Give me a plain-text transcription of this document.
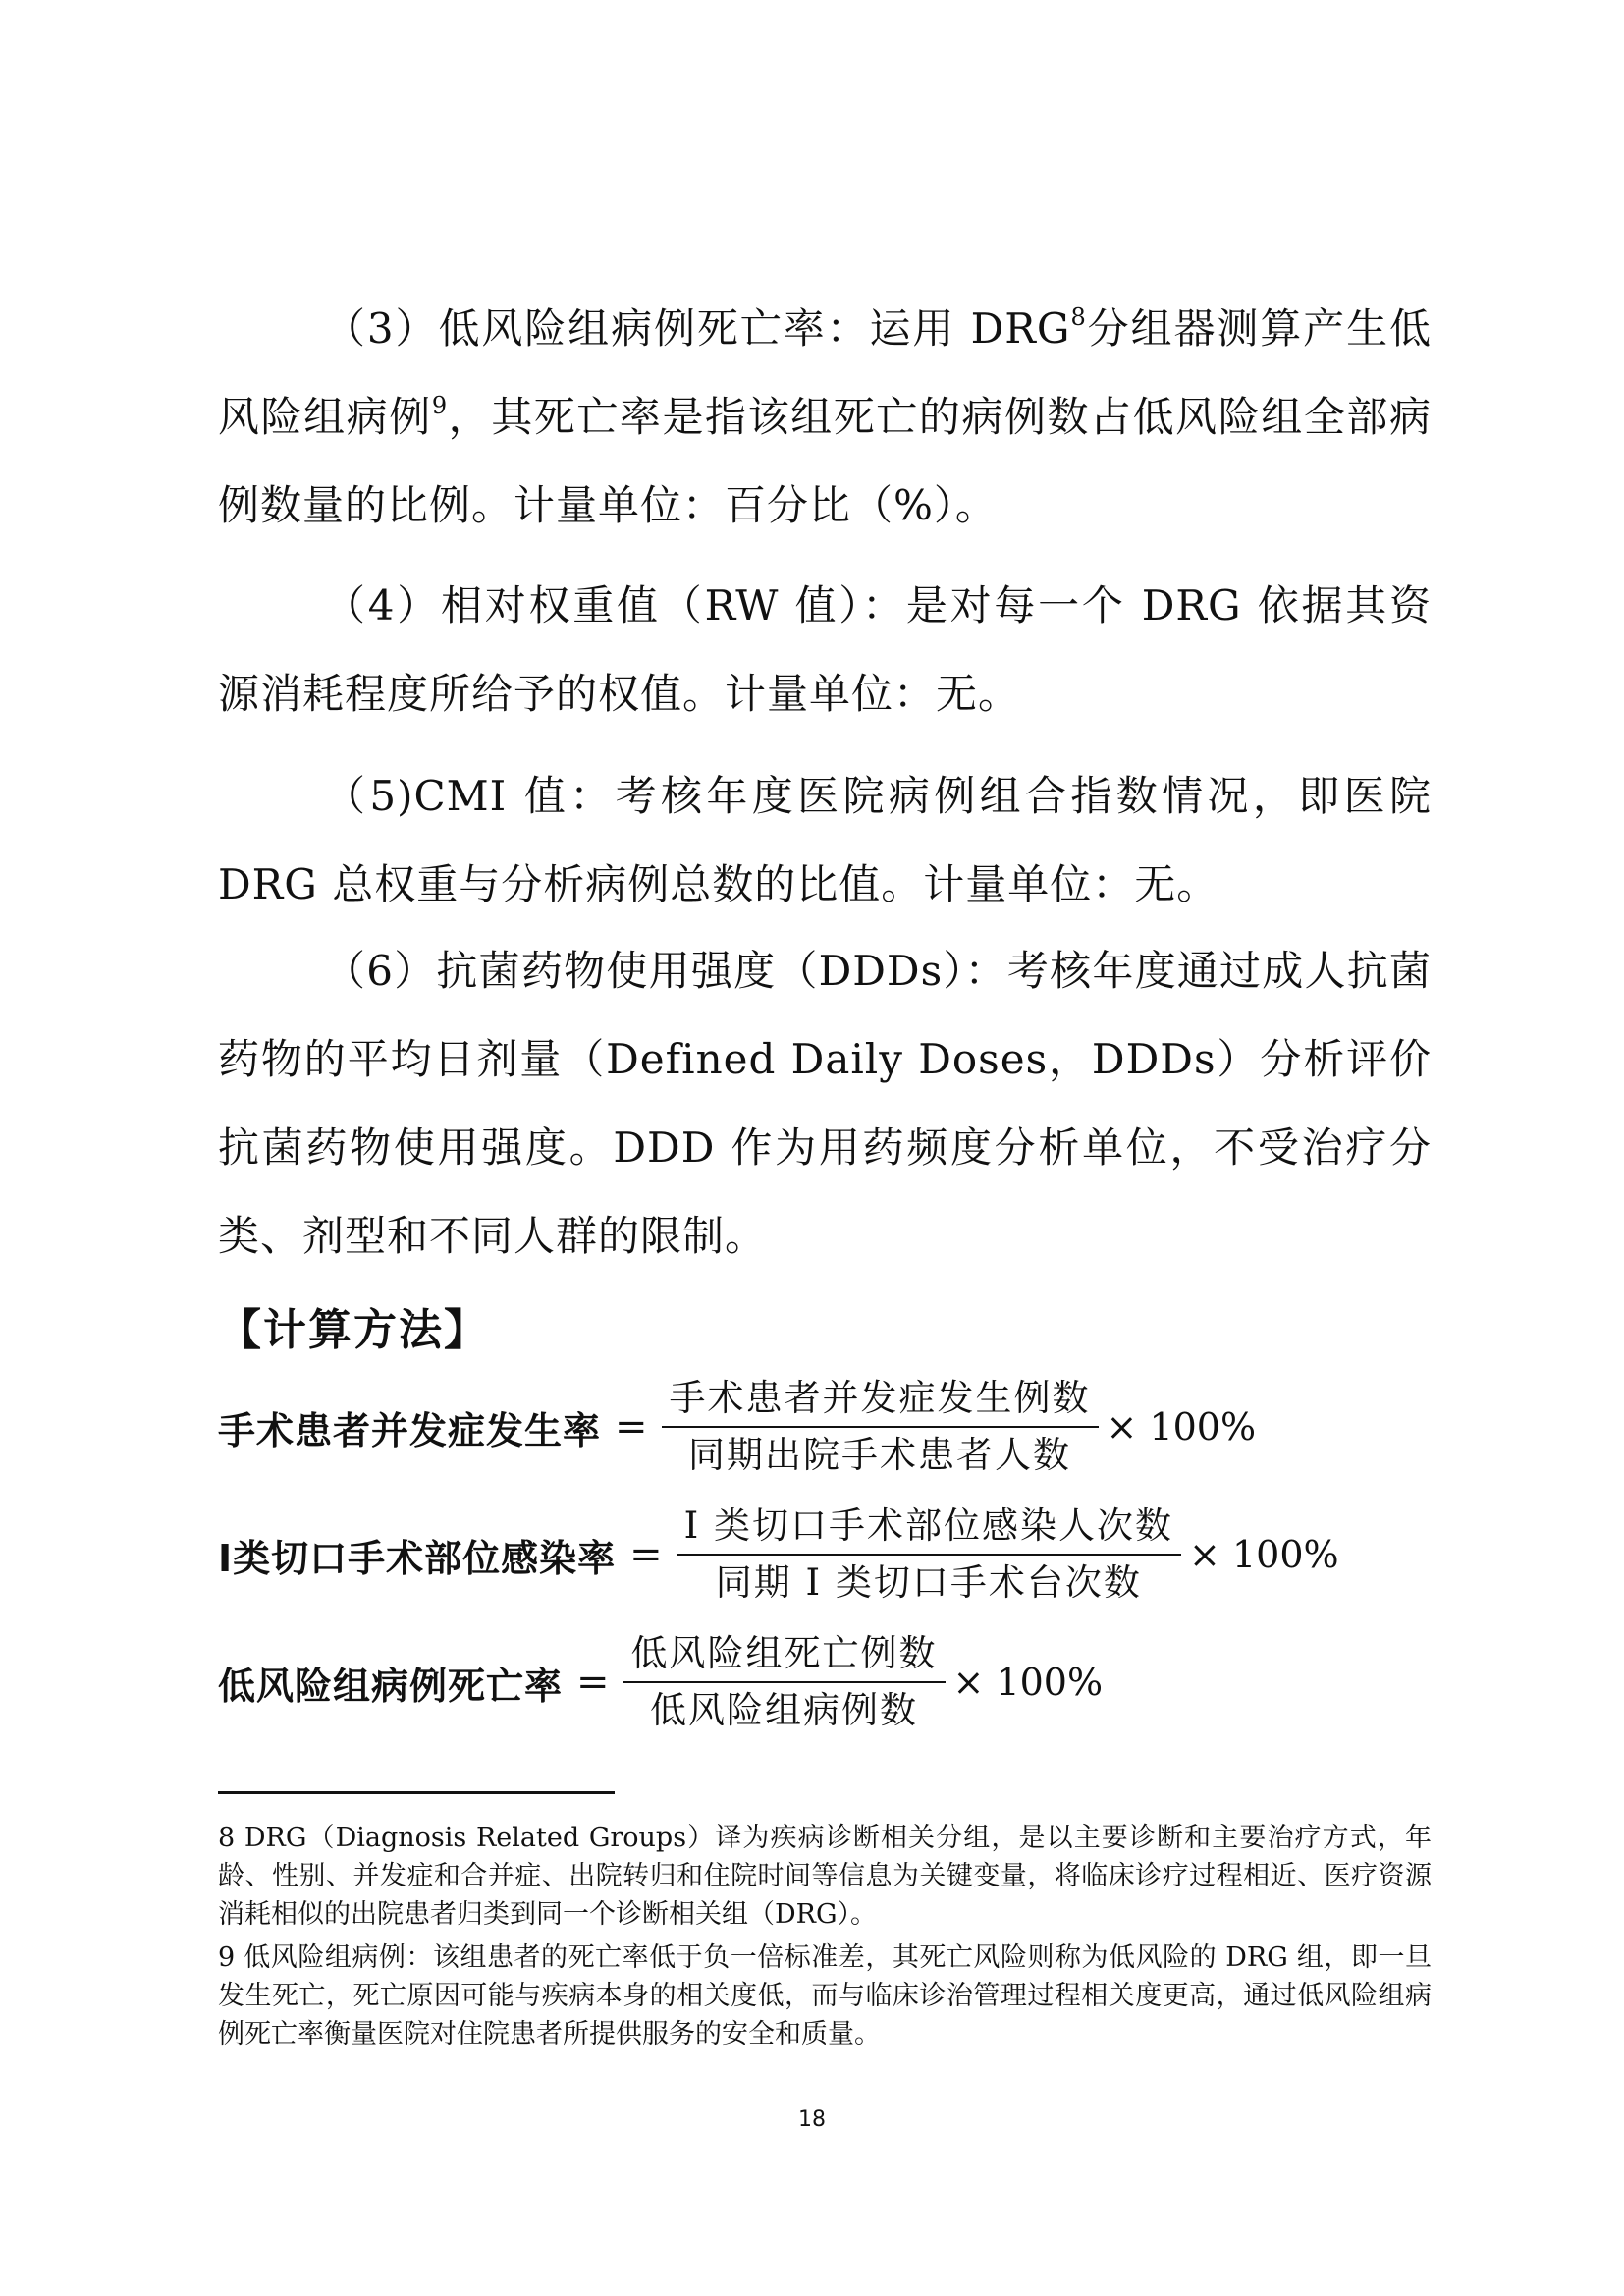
（3）低风险组病例死亡率：运用 DRG$^8$分组器测算产生低风险组病例$^9$，其死亡率是指该组死亡的病例数占低风险组全部病例数量的比例。计量单位：百分比（%）。

（4）相对权重值（RW 值）：是对每一个 DRG 依据其资源消耗程度所给予的权值。计量单位：无。

（5)CMI 值：考核年度医院病例组合指数情况，即医院 DRG 总权重与分析病例总数的比值。计量单位：无。

（6）抗菌药物使用强度（DDDs）：考核年度通过成人抗菌药物的平均日剂量（Defined Daily Doses，DDDs）分析评价抗菌药物使用强度。DDD 作为用药频度分析单位，不受治疗分类、剂型和不同人群的限制。

【计算方法】
手术患者并发症发生率 = $\frac{\text{手术患者并发症发生例数}}{\text{同期出院手术患者人数}} \times 100\%$
I类切口手术部位感染率 = $\frac{\text{I 类切口手术部位感染人次数}}{\text{同期 I 类切口手术台次数}} \times 100\%$
低风险组病例死亡率 = $\frac{\text{低风险组死亡例数}}{\text{低风险组病例数}} \times 100\%$

8 DRG（Diagnosis Related Groups）译为疾病诊断相关分组，是以主要诊断和主要治疗方式，年龄、性别、并发症和合并症、出院转归和住院时间等信息为关键变量，将临床诊疗过程相近、医疗资源消耗相似的出院患者归类到同一个诊断相关组（DRG）。

9 低风险组病例：该组患者的死亡率低于负一倍标准差，其死亡风险则称为低风险的 DRG 组，即一旦发生死亡，死亡原因可能与疾病本身的相关度低，而与临床诊治管理过程相关度更高，通过低风险组病例死亡率衡量医院对住院患者所提供服务的安全和质量。

18
